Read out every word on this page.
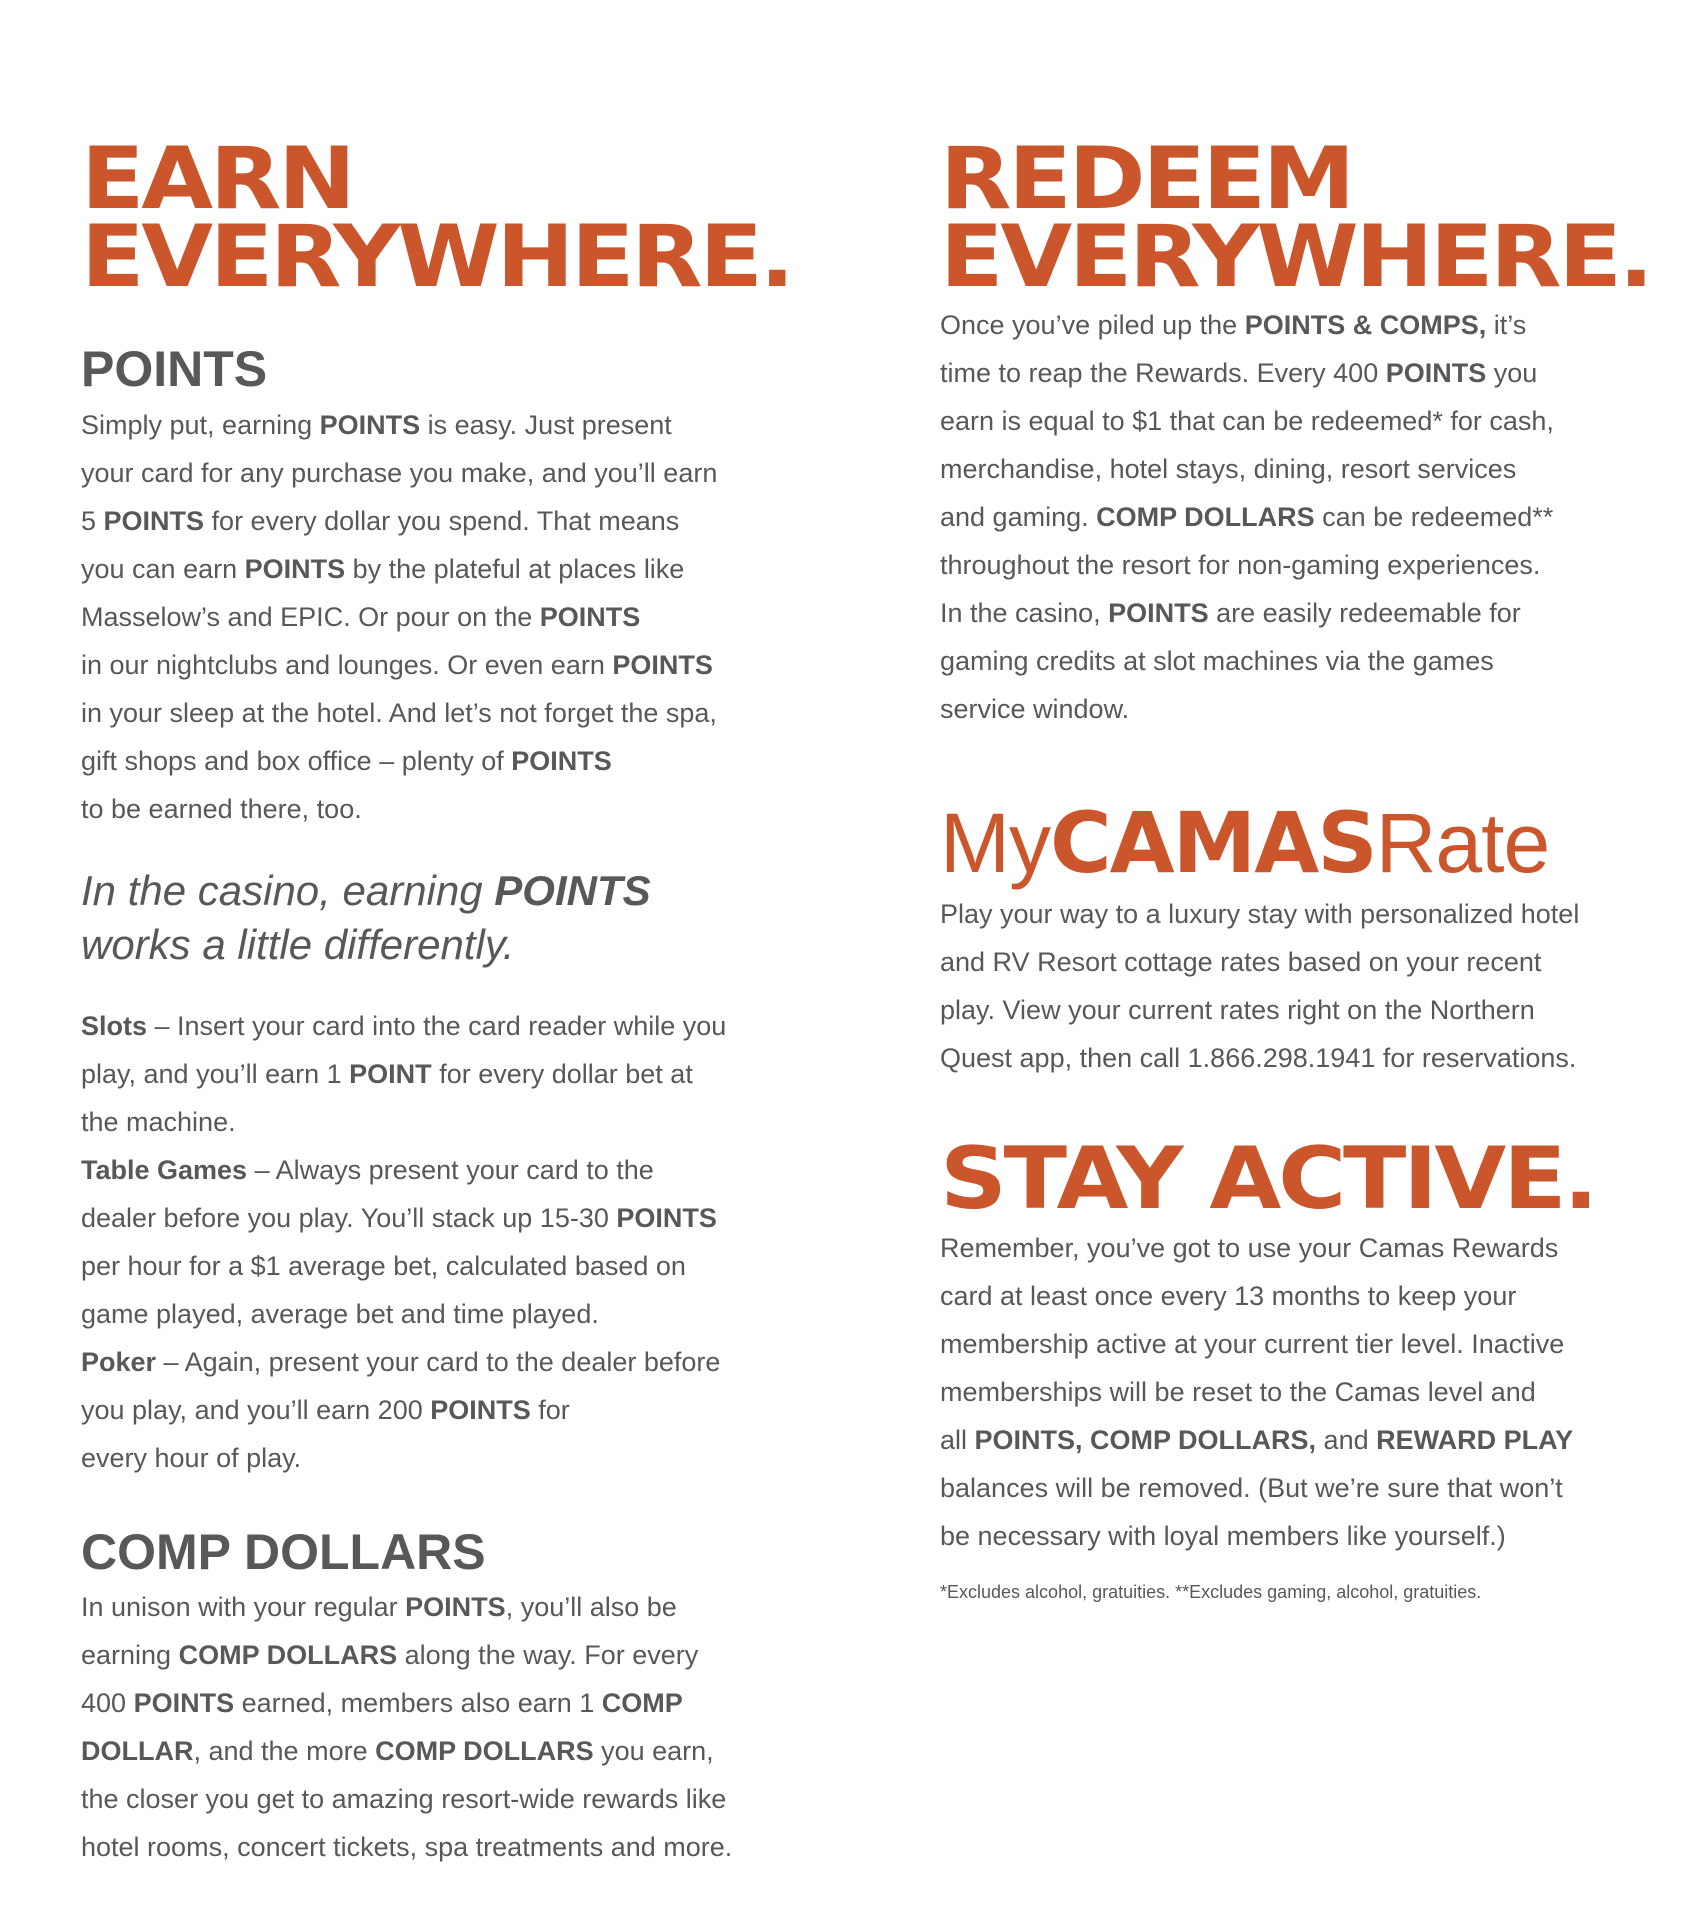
EARN
EVERYWHERE.
POINTS
Simply put, earning POINTS is easy. Just present
your card for any purchase you make, and you’ll earn
5 POINTS for every dollar you spend. That means
you can earn POINTS by the plateful at places like
Masselow’s and EPIC. Or pour on the POINTS
in our nightclubs and lounges. Or even earn POINTS
in your sleep at the hotel. And let’s not forget the spa,
gift shops and box office – plenty of POINTS
to be earned there, too.
In the casino, earning POINTS
works a little differently.
Slots – Insert your card into the card reader while you
play, and you’ll earn 1 POINT for every dollar bet at
the machine.
Table Games – Always present your card to the
dealer before you play. You’ll stack up 15-30 POINTS
per hour for a $1 average bet, calculated based on
game played, average bet and time played.
Poker – Again, present your card to the dealer before
you play, and you’ll earn 200 POINTS for
every hour of play.
COMP DOLLARS
In unison with your regular POINTS, you’ll also be
earning COMP DOLLARS along the way. For every
400 POINTS earned, members also earn 1 COMP
DOLLAR, and the more COMP DOLLARS you earn,
the closer you get to amazing resort-wide rewards like
hotel rooms, concert tickets, spa treatments and more.
REDEEM
EVERYWHERE.
Once you’ve piled up the POINTS & COMPS, it’s
time to reap the Rewards. Every 400 POINTS you
earn is equal to $1 that can be redeemed* for cash,
merchandise, hotel stays, dining, resort services
and gaming. COMP DOLLARS can be redeemed**
throughout the resort for non-gaming experiences.
In the casino, POINTS are easily redeemable for
gaming credits at slot machines via the games
service window.
MyCAMASRate
Play your way to a luxury stay with personalized hotel
and RV Resort cottage rates based on your recent
play. View your current rates right on the Northern
Quest app, then call 1.866.298.1941 for reservations.
STAY ACTIVE.
Remember, you’ve got to use your Camas Rewards
card at least once every 13 months to keep your
membership active at your current tier level. Inactive
memberships will be reset to the Camas level and
all POINTS, COMP DOLLARS, and REWARD PLAY
balances will be removed. (But we’re sure that won’t
be necessary with loyal members like yourself.)
*Excludes alcohol, gratuities. **Excludes gaming, alcohol, gratuities.
